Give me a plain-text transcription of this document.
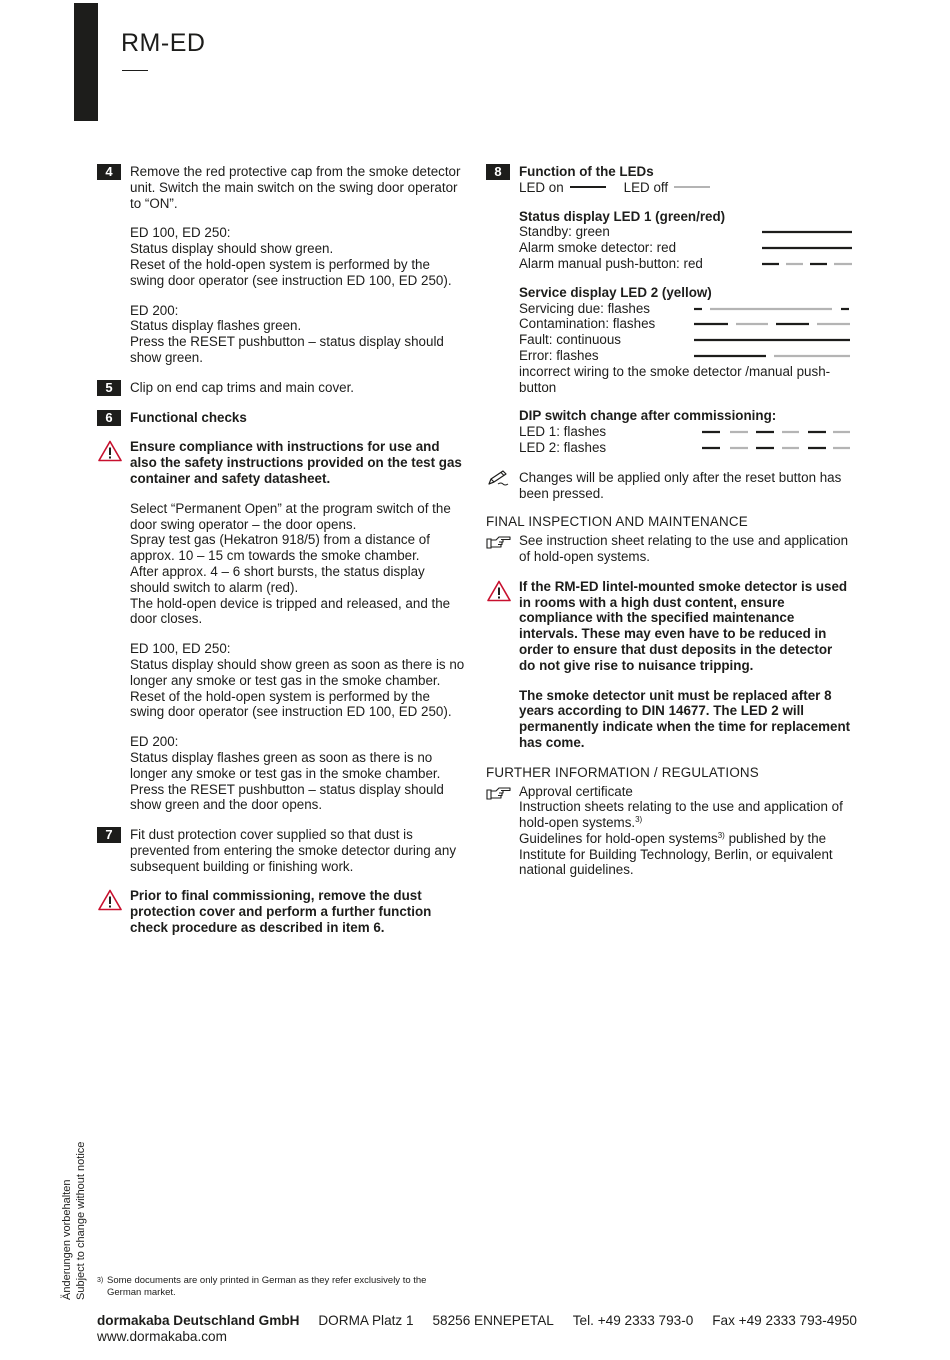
RM-ED
4	Remove the red protective cap from the smoke detector unit. Switch the main switch on the swing door operator to “ON”.
ED 100, ED 250:
Status display should show green.
Reset of the hold-open system is performed by the swing door operator (see instruction ED 100, ED 250).
ED 200:
Status display flashes green.
Press the RESET pushbutton – status display should show green.
5	Clip on end cap trims and main cover.
6	Functional checks
Ensure compliance with instructions for use and also the safety instructions provided on the test gas container and safety datasheet.
Select “Permanent Open” at the program switch of the door swing operator – the door opens.
Spray test gas (Hekatron 918/5) from a distance of approx. 10 – 15 cm towards the smoke chamber.
After approx. 4 – 6 short bursts, the status display should switch to alarm (red).
The hold-open device is tripped and released, and the door closes.
ED 100, ED 250:
Status display should show green as soon as there is no longer any smoke or test gas in the smoke chamber.
Reset of the hold-open system is performed by the swing door operator (see instruction ED 100, ED 250).
ED 200:
Status display flashes green as soon as there is no longer any smoke or test gas in the smoke chamber.
Press the RESET pushbutton – status display should show green and the door opens.
7	Fit dust protection cover supplied so that dust is prevented from entering the smoke detector during any subsequent building or finishing work.
Prior to final commissioning, remove the dust protection cover and perform a further function check procedure as described in item 6.
8	Function of the LEDs
LED on	LED off
Status display LED 1 (green/red)
Standby: green
Alarm smoke detector: red
Alarm manual push-button: red
Service display LED 2 (yellow)
Servicing due: flashes
Contamination: flashes
Fault: continuous
Error: flashes
incorrect wiring to the smoke detector /manual push-button
DIP switch change after commissioning:
LED 1: flashes
LED 2: flashes
Changes will be applied only after the reset button has been pressed.
FINAL INSPECTION AND MAINTENANCE
See instruction sheet relating to the use and application of hold-open systems.
If the RM-ED lintel-mounted smoke detector is used in rooms with a high dust content, ensure compliance with the specified maintenance intervals. These may even have to be reduced in order to ensure that dust deposits in the detector do not give rise to nuisance tripping.
The smoke detector unit must be replaced after 8 years according to DIN 14677. The LED 2 will permanently indicate when the time for replacement has come.
FURTHER INFORMATION / REGULATIONS
Approval certificate
Instruction sheets relating to the use and application of hold-open systems.$^{3)}$
Guidelines for hold-open systems$^{3)}$ published by the Institute for Building Technology, Berlin, or equivalent national guidelines.
Änderungen vorbehalten Subject to change without notice 3) Some documents are only printed in German as they refer exclusively to the German market.
dormakaba Deutschland GmbH DORMA Platz 1 58256 ENNEPETAL Tel. +49 2333 793-0 Fax +49 2333 793-4950
www.dormakaba.com
